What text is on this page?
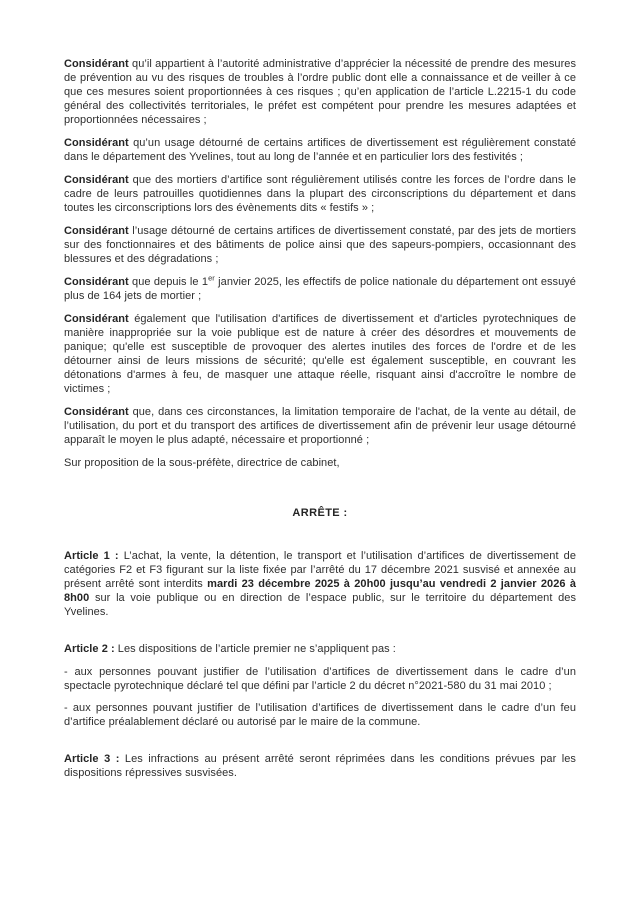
Considérant qu’il appartient à l’autorité administrative d’apprécier la nécessité de prendre des mesures de prévention au vu des risques de troubles à l’ordre public dont elle a connaissance et de veiller à ce que ces mesures soient proportionnées à ces risques ; qu’en application de l’article L.2215-1 du code général des collectivités territoriales, le préfet est compétent pour prendre les mesures adaptées et proportionnées nécessaires ;

Considérant qu’un usage détourné de certains artifices de divertissement est régulièrement constaté dans le département des Yvelines, tout au long de l’année et en particulier lors des festivités ;

Considérant que des mortiers d’artifice sont régulièrement utilisés contre les forces de l’ordre dans le cadre de leurs patrouilles quotidiennes dans la plupart des circonscriptions du département et dans toutes les circonscriptions lors des évènements dits « festifs » ;

Considérant l’usage détourné de certains artifices de divertissement constaté, par des jets de mortiers sur des fonctionnaires et des bâtiments de police ainsi que des sapeurs-pompiers, occasionnant des blessures et des dégradations ;

Considérant que depuis le 1er janvier 2025, les effectifs de police nationale du département ont essuyé plus de 164 jets de mortier ;

Considérant également que l'utilisation d'artifices de divertissement et d'articles pyrotechniques de manière inappropriée sur la voie publique est de nature à créer des désordres et mouvements de panique; qu'elle est susceptible de provoquer des alertes inutiles des forces de l'ordre et de les détourner ainsi de leurs missions de sécurité; qu'elle est également susceptible, en couvrant les détonations d'armes à feu, de masquer une attaque réelle, risquant ainsi d'accroître le nombre de victimes ;

Considérant que, dans ces circonstances, la limitation temporaire de l'achat, de la vente au détail, de l’utilisation, du port et du transport des artifices de divertissement afin de prévenir leur usage détourné apparaît le moyen le plus adapté, nécessaire et proportionné ;

Sur proposition de la sous-préfète, directrice de cabinet,

ARRÊTE :

Article 1 : L’achat, la vente, la détention, le transport et l’utilisation d’artifices de divertissement de catégories F2 et F3 figurant sur la liste fixée par l’arrêté du 17 décembre 2021 susvisé et annexée au présent arrêté sont interdits mardi 23 décembre 2025 à 20h00 jusqu’au vendredi 2 janvier 2026 à 8h00 sur la voie publique ou en direction de l’espace public, sur le territoire du département des Yvelines.

Article 2 : Les dispositions de l’article premier ne s’appliquent pas :

- aux personnes pouvant justifier de l’utilisation d’artifices de divertissement dans le cadre d’un spectacle pyrotechnique déclaré tel que défini par l’article 2 du décret n°2021-580 du 31 mai 2010 ;

- aux personnes pouvant justifier de l’utilisation d’artifices de divertissement dans le cadre d’un feu d’artifice préalablement déclaré ou autorisé par le maire de la commune.

Article 3 : Les infractions au présent arrêté seront réprimées dans les conditions prévues par les dispositions répressives susvisées.
